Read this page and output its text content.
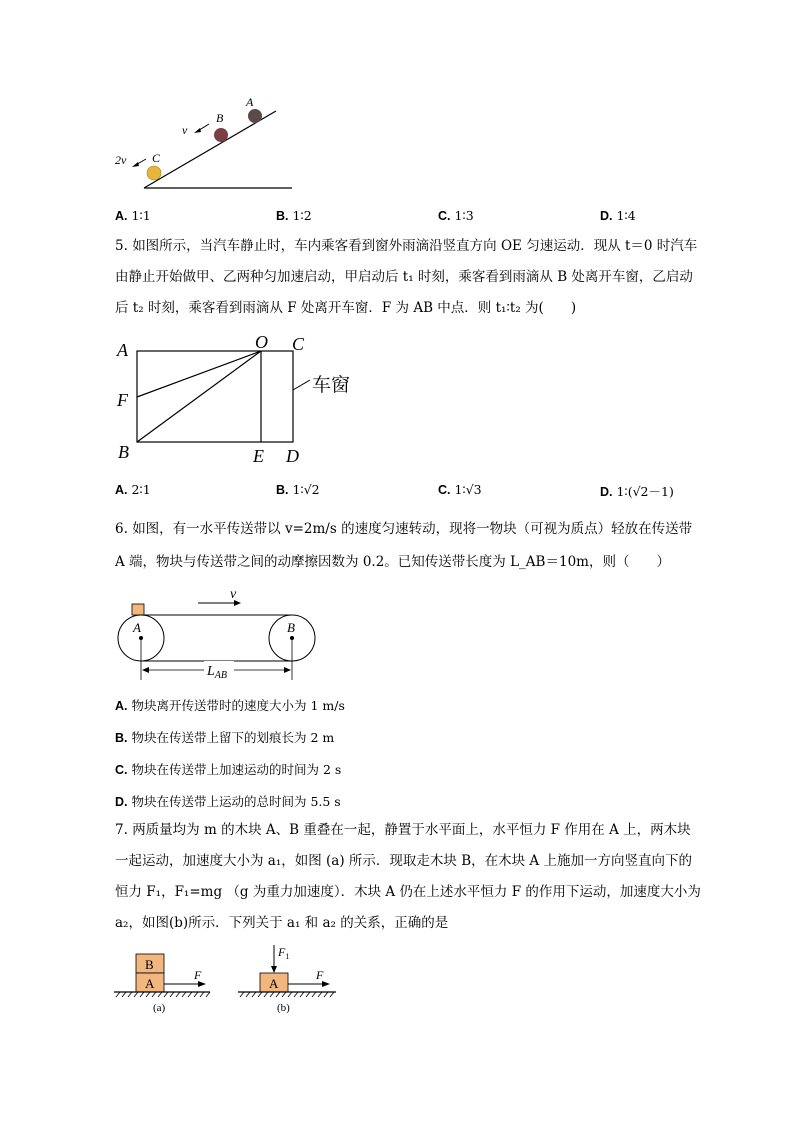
A
B
C
v
2v
A. 1∶1	B. 1∶2	C. 1∶3	D. 1∶4
5. 如图所示，当汽车静止时，车内乘客看到窗外雨滴沿竖直方向 OE 匀速运动．现从 t＝0 时汽车
由静止开始做甲、乙两种匀加速启动，甲启动后 t₁ 时刻，乘客看到雨滴从 B 处离开车窗，乙启动
后 t₂ 时刻，乘客看到雨滴从 F 处离开车窗．F 为 AB 中点．则 t₁∶t₂ 为(　　)
A	O C
F
B	E D
车窗
A. 2∶1	B. 1∶√2	C. 1∶√3	D. 1∶(√2－1)
6. 如图，有一水平传送带以 v=2m/s 的速度匀速转动，现将一物块（可视为质点）轻放在传送带
A 端，物块与传送带之间的动摩擦因数为 0.2。已知传送带长度为 L_AB＝10m，则（　　）
A	B
v
$L_{AB}$
A. 物块离开传送带时的速度大小为 1 m/s
B. 物块在传送带上留下的划痕长为 2 m
C. 物块在传送带上加速运动的时间为 2 s
D. 物块在传送带上运动的总时间为 5.5 s
7. 两质量均为 m 的木块 A、B 重叠在一起，静置于水平面上，水平恒力 F 作用在 A 上，两木块
一起运动，加速度大小为 a₁，如图 (a) 所示．现取走木块 B，在木块 A 上施加一方向竖直向下的
恒力 F₁，F₁=mg （g 为重力加速度）．木块 A 仍在上述水平恒力 F 的作用下运动，加速度大小为
a₂，如图(b)所示．下列关于 a₁ 和 a₂ 的关系，正确的是
B
A
F
(a)
A
$F_1$
F
(b)
